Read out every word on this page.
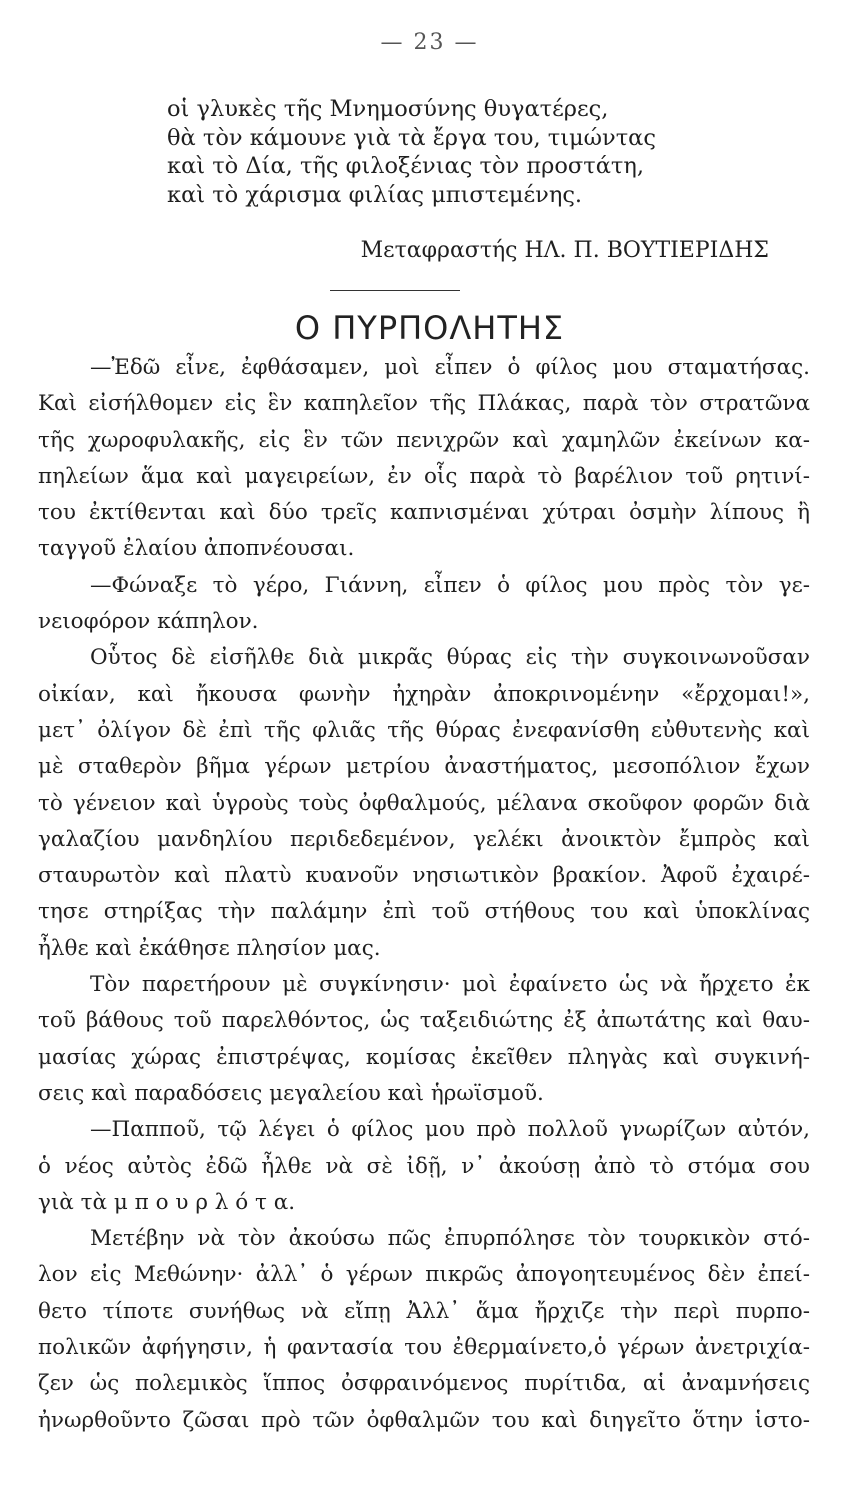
— 23 —
οἱ γλυκὲς τῆς Μνημοσύνης θυγατέρες,
θὰ τὸν κάμουνε γιὰ τὰ ἔργα του, τιμώντας
καὶ τὸ Δία, τῆς φιλοξένιας τὸν προστάτη,
καὶ τὸ χάρισμα φιλίας μπιστεμένης.
Μεταφραστής ΗΛ. Π. ΒΟΥΤΙΕΡΙΔΗΣ
Ο ΠΥΡΠΟΛΗΤΗΣ
—Ἐδῶ εἶνε, ἐφθάσαμεν, μοὶ εἶπεν ὁ φίλος μου σταματήσας.
Καὶ εἰσήλθομεν εἰς ἓν καπηλεῖον τῆς Πλάκας, παρὰ τὸν στρατῶνα
τῆς χωροφυλακῆς, εἰς ἓν τῶν πενιχρῶν καὶ χαμηλῶν ἐκείνων κα-
πηλείων ἅμα καὶ μαγειρείων, ἐν οἷς παρὰ τὸ βαρέλιον τοῦ ρητινί-
του ἐκτίθενται καὶ δύο τρεῖς καπνισμέναι χύτραι ὀσμὴν λίπους ἢ
ταγγοῦ ἐλαίου ἀποπνέουσαι.
—Φώναξε τὸ γέρο, Γιάννη, εἶπεν ὁ φίλος μου πρὸς τὸν γε-
νειοφόρον κάπηλον.
Οὗτος δὲ εἰσῆλθε διὰ μικρᾶς θύρας εἰς τὴν συγκοινωνοῦσαν
οἰκίαν, καὶ ἤκουσα φωνὴν ἠχηρὰν ἀποκρινομένην «ἔρχομαι!»,
μετ᾽ ὀλίγον δὲ ἐπὶ τῆς φλιᾶς τῆς θύρας ἐνεφανίσθη εὐθυτενὴς καὶ
μὲ σταθερὸν βῆμα γέρων μετρίου ἀναστήματος, μεσοπόλιον ἔχων
τὸ γένειον καὶ ὑγροὺς τοὺς ὀφθαλμούς, μέλανα σκοῦφον φορῶν διὰ
γαλαζίου μανδηλίου περιδεδεμένον, γελέκι ἀνοικτὸν ἔμπρὸς καὶ
σταυρωτὸν καὶ πλατὺ κυανοῦν νησιωτικὸν βρακίον. Ἀφοῦ ἐχαιρέ-
τησε στηρίξας τὴν παλάμην ἐπὶ τοῦ στήθους του καὶ ὑποκλίνας
ἦλθε καὶ ἐκάθησε πλησίον μας.
Τὸν παρετήρουν μὲ συγκίνησιν· μοὶ ἐφαίνετο ὡς νὰ ἤρχετο ἐκ
τοῦ βάθους τοῦ παρελθόντος, ὡς ταξειδιώτης ἐξ ἀπωτάτης καὶ θαυ-
μασίας χώρας ἐπιστρέψας, κομίσας ἐκεῖθεν πληγὰς καὶ συγκινή-
σεις καὶ παραδόσεις μεγαλείου καὶ ἡρωϊσμοῦ.
—Παπποῦ, τῷ λέγει ὁ φίλος μου πρὸ πολλοῦ γνωρίζων αὐτόν,
ὁ νέος αὐτὸς ἐδῶ ἦλθε νὰ σὲ ἰδῇ, ν᾽ ἀκούσῃ ἀπὸ τὸ στόμα σου
γιὰ τὰ μ π ο υ ρ λ ό τ α.
Μετέβην νὰ τὸν ἀκούσω πῶς ἐπυρπόλησε τὸν τουρκικὸν στό-
λον εἰς Μεθώνην· ἀλλ᾽ ὁ γέρων πικρῶς ἀπογοητευμένος δὲν ἐπεί-
θετο τίποτε συνήθως νὰ εἴπῃ Ἀλλ᾽ ἅμα ἤρχιζε τὴν περὶ πυρπο-
πολικῶν ἀφήγησιν, ἡ φαντασία του ἐθερμαίνετο,ὁ γέρων ἀνετριχία-
ζεν ὡς πολεμικὸς ἵππος ὀσφραινόμενος πυρίτιδα, αἱ ἀναμνήσεις
ἠνωρθοῦντο ζῶσαι πρὸ τῶν ὀφθαλμῶν του καὶ διηγεῖτο ὅτην ἱστο-
